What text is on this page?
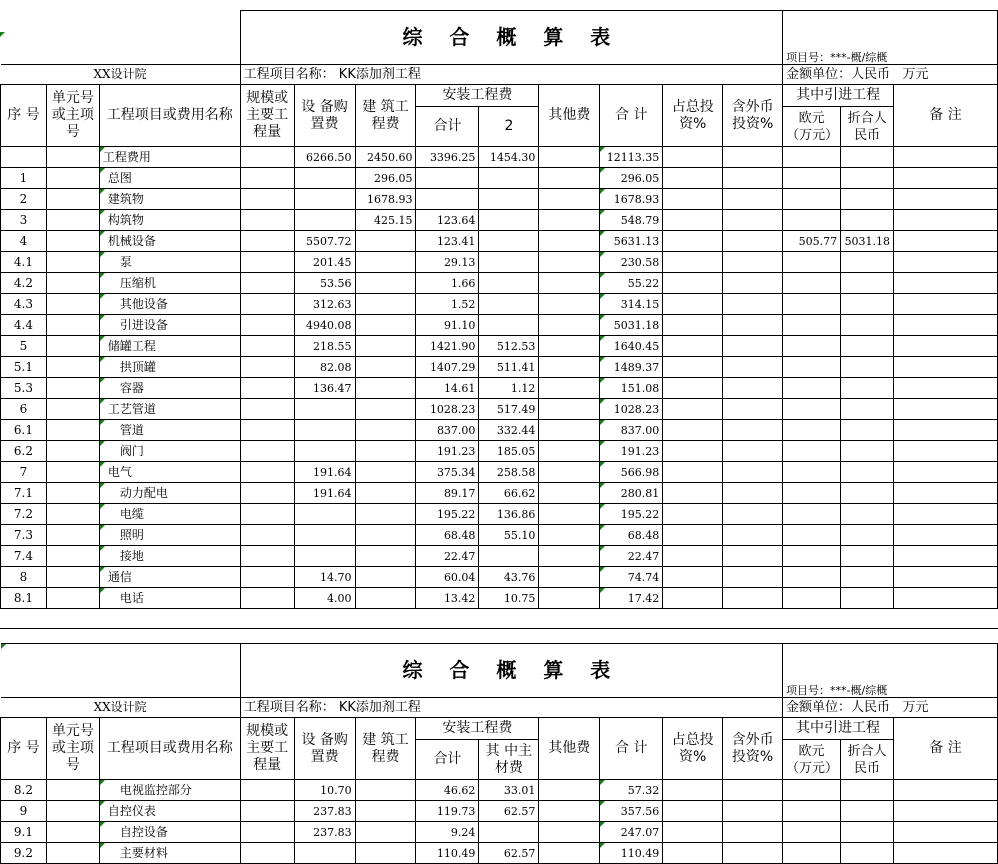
			综 合 概 算 表									项目号：***-概/综概		
XX设计院			工程项目名称： KK添加剂工程									金额单位：人民币 万元		
序 号	单元号或主项号	工程项目或费用名称	规模或主要工程量	设 备购置费	建 筑工程费	安装工程费		其他费	合 计	占总投资%	含外币投资%	其中引进工程		备 注
						合计	2					欧元（万元）	折合人民币	
		工程费用		6266.50	2450.60	3396.25	1454.30		12113.35					
1		总图			296.05				296.05					
2		建筑物			1678.93				1678.93					
3		构筑物			425.15	123.64			548.79					
4		机械设备		5507.72		123.41			5631.13			505.77	5031.18	
4.1		泵		201.45		29.13			230.58					
4.2		压缩机		53.56		1.66			55.22					
4.3		其他设备		312.63		1.52			314.15					
4.4		引进设备		4940.08		91.10			5031.18					
5		储罐工程		218.55		1421.90	512.53		1640.45					
5.1		拱顶罐		82.08		1407.29	511.41		1489.37					
5.3		容器		136.47		14.61	1.12		151.08					
6		工艺管道				1028.23	517.49		1028.23					
6.1		管道				837.00	332.44		837.00					
6.2		阀门				191.23	185.05		191.23					
7		电气		191.64		375.34	258.58		566.98					
7.1		动力配电		191.64		89.17	66.62		280.81					
7.2		电缆				195.22	136.86		195.22					
7.3		照明				68.48	55.10		68.48					
7.4		接地				22.47			22.47					
8		通信		14.70		60.04	43.76		74.74					
8.1		电话		4.00		13.42	10.75		17.42					
			综 合 概 算 表									项目号：***-概/综概		
XX设计院			工程项目名称： KK添加剂工程									金额单位：人民币 万元		
序 号	单元号或主项号	工程项目或费用名称	规模或主要工程量	设 备购置费	建 筑工程费	安装工程费		其他费	合 计	占总投资%	含外币投资%	其中引进工程		备 注
						合计	其 中主材费					欧元（万元）	折合人民币	
8.2		电视监控部分		10.70		46.62	33.01		57.32					
9		自控仪表		237.83		119.73	62.57		357.56					
9.1		自控设备		237.83		9.24			247.07					
9.2		主要材料				110.49	62.57		110.49					
